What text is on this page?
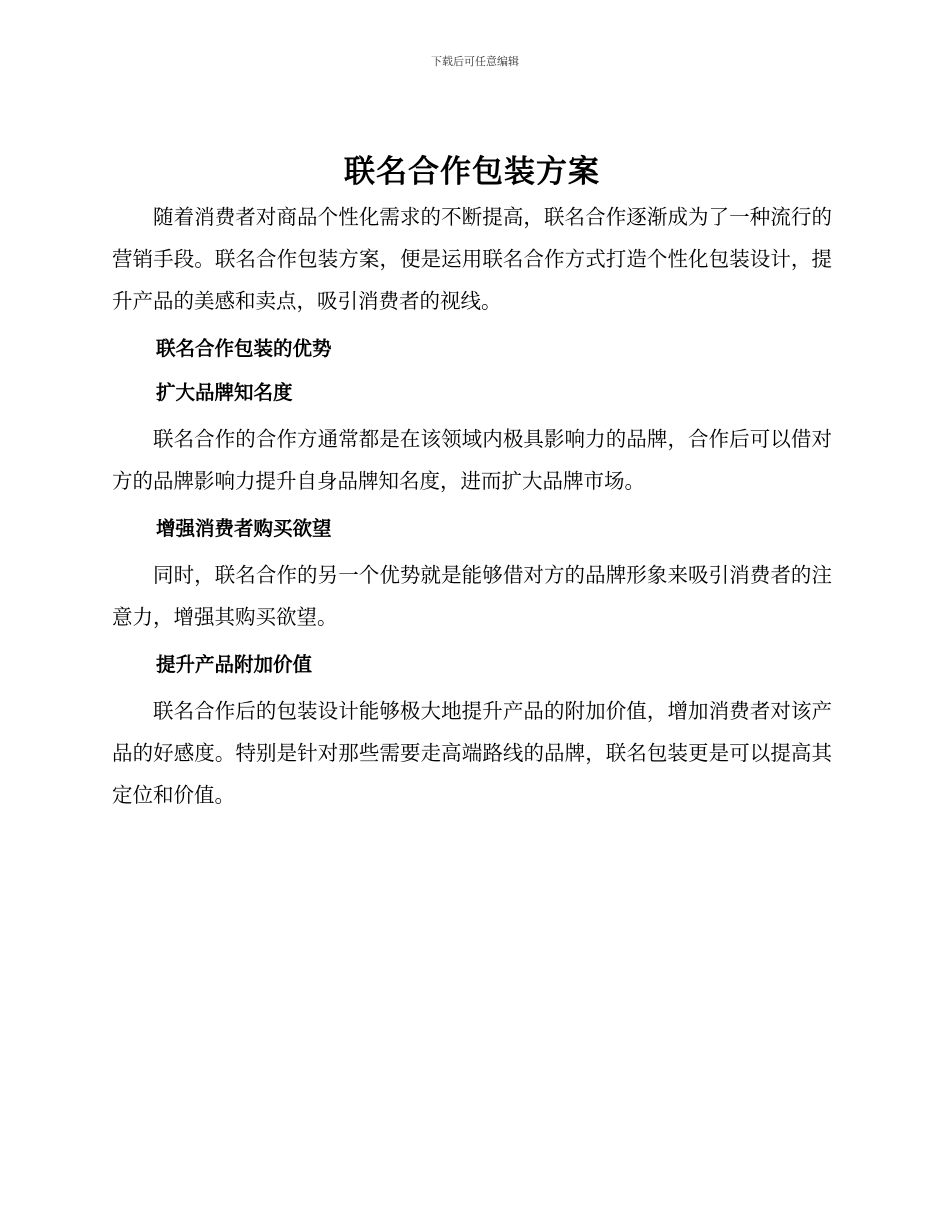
下载后可任意编辑
联名合作包装方案

随着消费者对商品个性化需求的不断提高，联名合作逐渐成为了一种流行的营销手段。联名合作包装方案，便是运用联名合作方式打造个性化包装设计，提升产品的美感和卖点，吸引消费者的视线。

联名合作包装的优势
扩大品牌知名度

联名合作的合作方通常都是在该领域内极具影响力的品牌，合作后可以借对方的品牌影响力提升自身品牌知名度，进而扩大品牌市场。

增强消费者购买欲望

同时，联名合作的另一个优势就是能够借对方的品牌形象来吸引消费者的注意力，增强其购买欲望。

提升产品附加价值

联名合作后的包装设计能够极大地提升产品的附加价值，增加消费者对该产品的好感度。特别是针对那些需要走高端路线的品牌，联名包装更是可以提高其定位和价值。
